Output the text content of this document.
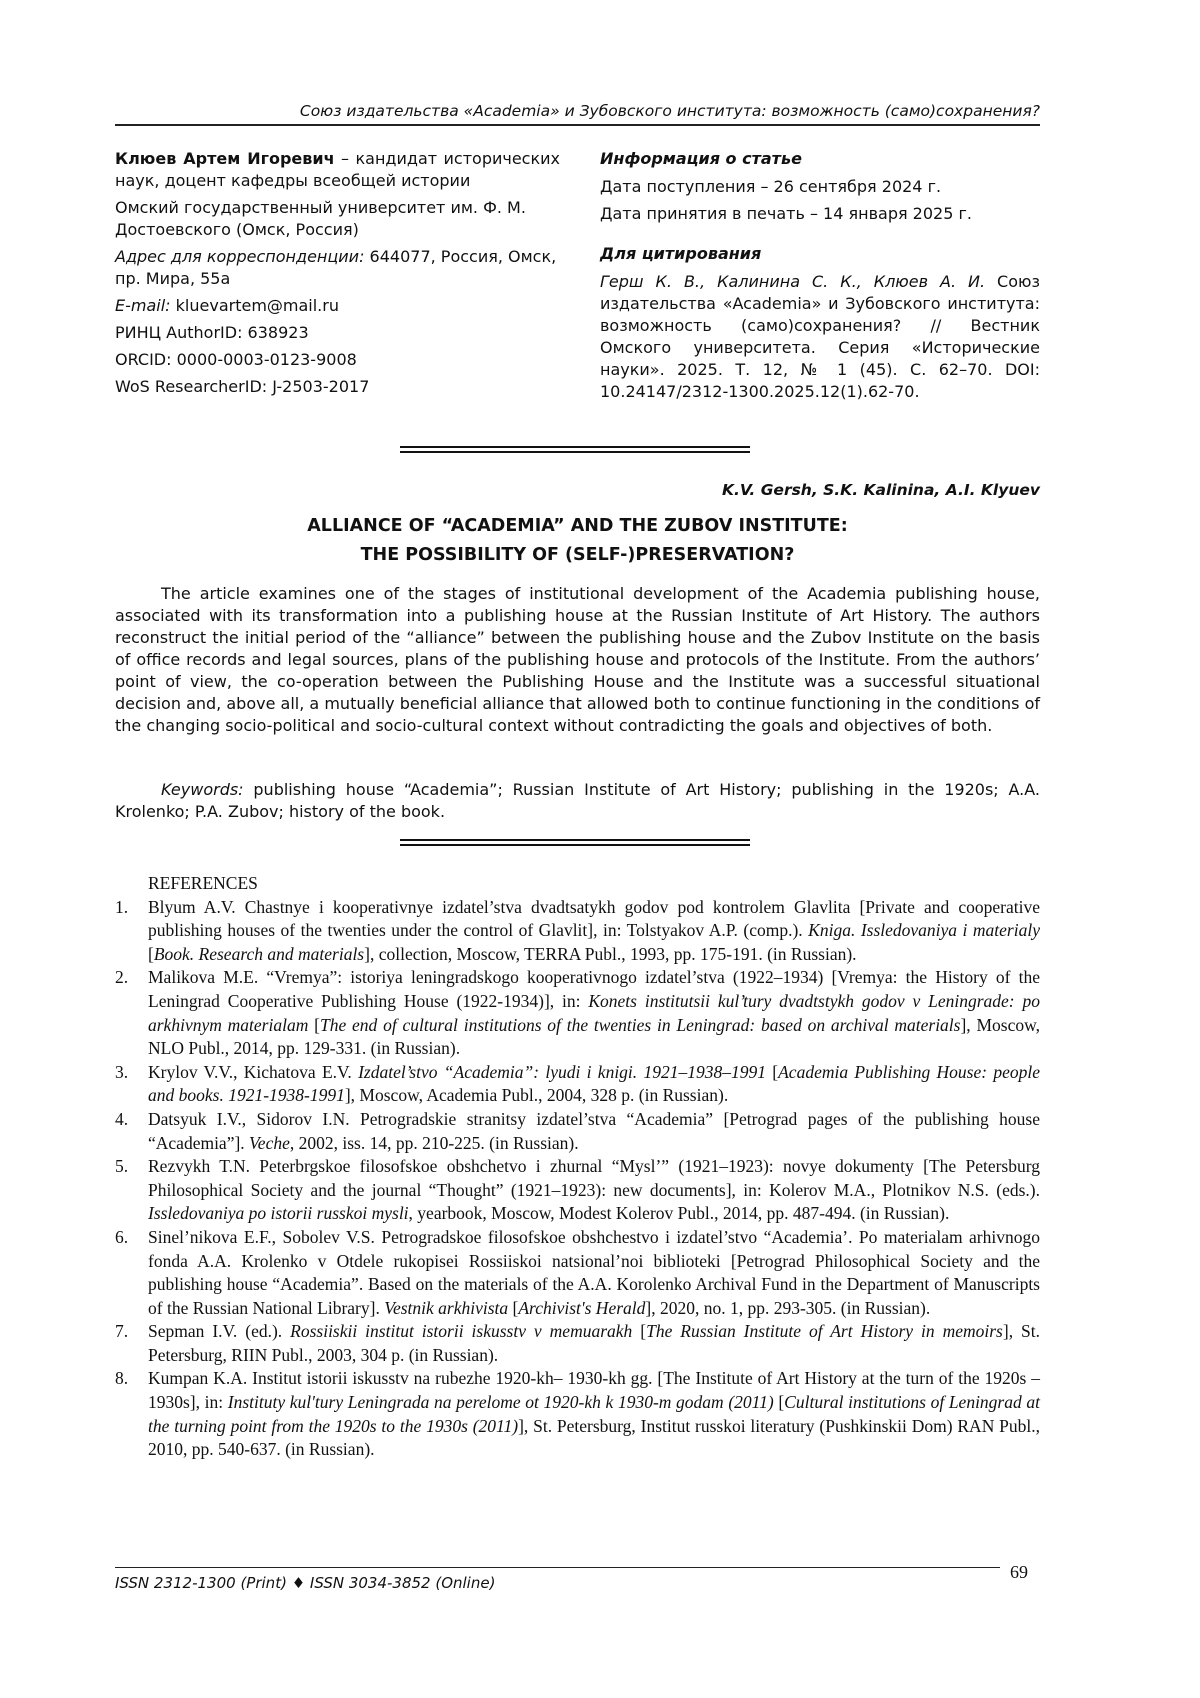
Союз издательства «Academia» и Зубовского института: возможность (само)сохранения?

Клюев Артем Игоревич – кандидат исторических наук, доцент кафедры всеобщей истории

Омский государственный университет им. Ф. М. Достоевского (Омск, Россия)

Адрес для корреспонденции: 644077, Россия, Омск, пр. Мира, 55а

E-mail: kluevartem@mail.ru

РИНЦ AuthorID: 638923

ORCID: 0000-0003-0123-9008

WoS ResearcherID: J-2503-2017

Информация о статье

Дата поступления – 26 сентября 2024 г.

Дата принятия в печать – 14 января 2025 г.

Для цитирования

Герш К. В., Калинина С. К., Клюев А. И. Союз издательства «Academia» и Зубовского института: возможность (само)сохранения? // Вестник Омского университета. Серия «Исторические науки». 2025. Т. 12, № 1 (45). С. 62–70. DOI: 10.24147/2312-1300.2025.12(1).62-70.

K.V. Gersh, S.K. Kalinina, A.I. Klyuev
ALLIANCE OF “ACADEMIA” AND THE ZUBOV INSTITUTE:
THE POSSIBILITY OF (SELF-)PRESERVATION?

The article examines one of the stages of institutional development of the Academia publishing house, associated with its transformation into a publishing house at the Russian Institute of Art History. The authors reconstruct the initial period of the “alliance” between the publishing house and the Zubov Institute on the basis of office records and legal sources, plans of the publishing house and protocols of the Institute. From the authors’ point of view, the co-operation between the Publishing House and the Institute was a successful situational decision and, above all, a mutually beneficial alliance that allowed both to continue functioning in the conditions of the changing socio-political and socio-cultural context without contradicting the goals and objectives of both.

Keywords: publishing house “Academia”; Russian Institute of Art History; publishing in the 1920s; A.A. Krolenko; P.A. Zubov; history of the book.

REFERENCES

1. Blyum A.V. Chastnye i kooperativnye izdatel’stva dvadtsatykh godov pod kontrolem Glavlita [Private and cooperative publishing houses of the twenties under the control of Glavlit], in: Tolstyakov A.P. (comp.). Kniga. Issledovaniya i materialy [Book. Research and materials], collection, Moscow, TERRA Publ., 1993, pp. 175-191. (in Russian).
2. Malikova M.E. “Vremya”: istoriya leningradskogo kooperativnogo izdatel’stva (1922–1934) [Vremya: the History of the Leningrad Cooperative Publishing House (1922-1934)], in: Konets institutsii kul’tury dvadtstykh godov v Leningrade: po arkhivnym materialam [The end of cultural institutions of the twenties in Leningrad: based on archival materials], Moscow, NLO Publ., 2014, pp. 129-331. (in Russian).
3. Krylov V.V., Kichatova E.V. Izdatel’stvo “Academia”: lyudi i knigi. 1921–1938–1991 [Academia Publishing House: people and books. 1921-1938-1991], Moscow, Academia Publ., 2004, 328 p. (in Russian).
4. Datsyuk I.V., Sidorov I.N. Petrogradskie stranitsy izdatel’stva “Academia” [Petrograd pages of the publishing house “Academia”]. Veche, 2002, iss. 14, pp. 210-225. (in Russian).
5. Rezvykh T.N. Peterbrgskoe filosofskoe obshchetvo i zhurnal “Mysl’” (1921–1923): novye dokumenty [The Petersburg Philosophical Society and the journal “Thought” (1921–1923): new documents], in: Kolerov M.A., Plotnikov N.S. (eds.). Issledovaniya po istorii russkoi mysli, yearbook, Moscow, Modest Kolerov Publ., 2014, pp. 487-494. (in Russian).
6. Sinel’nikova E.F., Sobolev V.S. Petrogradskoe filosofskoe obshchestvo i izdatel’stvo “Academia’. Po materialam arhivnogo fonda A.A. Krolenko v Otdele rukopisei Rossiiskoi natsional’noi biblioteki [Petrograd Philosophical Society and the publishing house “Academia”. Based on the materials of the A.A. Korolenko Archival Fund in the Department of Manuscripts of the Russian National Library]. Vestnik arkhivista [Archivist's Herald], 2020, no. 1, pp. 293-305. (in Russian).
7. Sepman I.V. (ed.). Rossiiskii institut istorii iskusstv v memuarakh [The Russian Institute of Art History in memoirs], St. Petersburg, RIIN Publ., 2003, 304 p. (in Russian).
8. Kumpan K.A. Institut istorii iskusstv na rubezhe 1920-kh– 1930-kh gg. [The Institute of Art History at the turn of the 1920s – 1930s], in: Instituty kul'tury Leningrada na perelome ot 1920-kh k 1930-m godam (2011) [Cultural institutions of Leningrad at the turning point from the 1920s to the 1930s (2011)], St. Petersburg, Institut russkoi literatury (Pushkinskii Dom) RAN Publ., 2010, pp. 540-637. (in Russian).
ISSN 2312-1300 (Print) ♦ ISSN 3034-3852 (Online)
69
